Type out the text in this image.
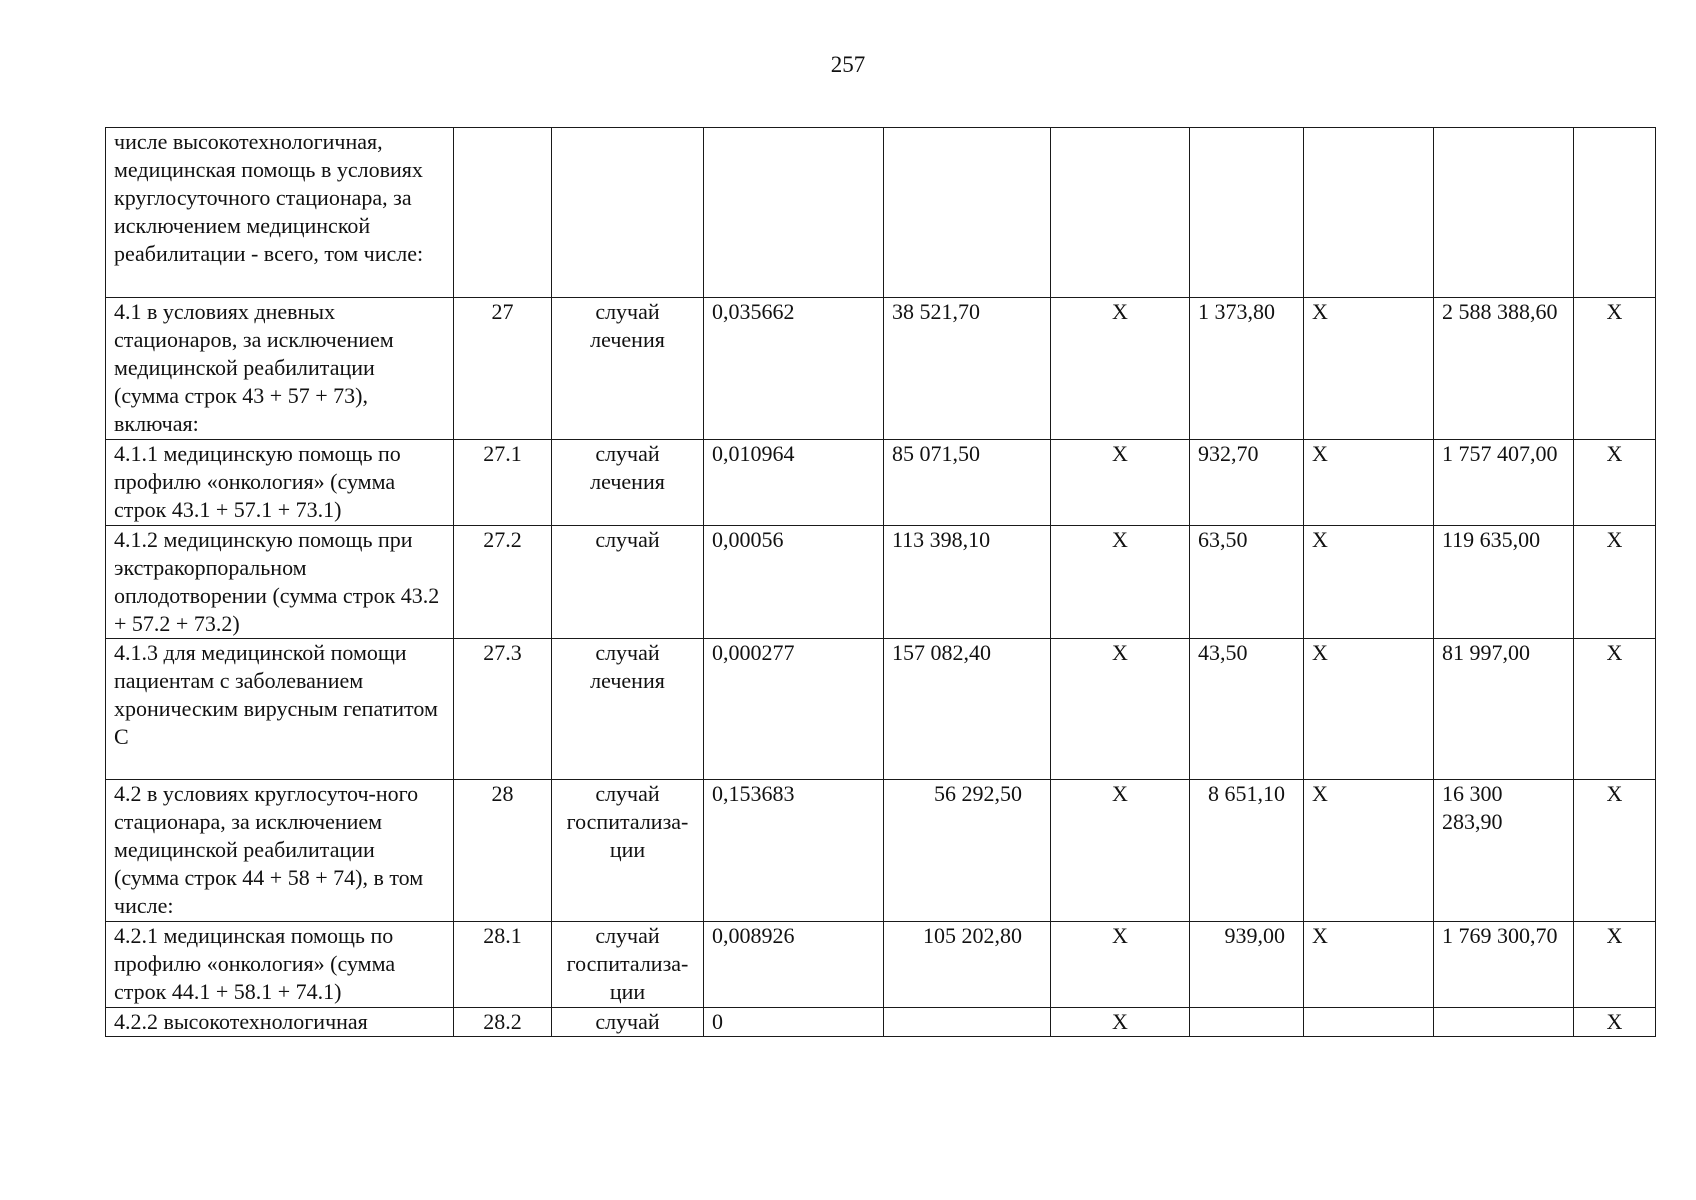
257
числе высокотехнологичная, медицинская помощь в условиях круглосуточного стационара, за исключением медицинской реабилитации - всего, том числе:									
4.1 в условиях дневных стационаров, за исключением медицинской реабилитации (сумма строк 43 + 57 + 73), включая:	27	случай лечения	0,035662	38 521,70	X	1 373,80	X	2 588 388,60	X
4.1.1 медицинскую помощь по профилю «онкология» (сумма строк 43.1 + 57.1 + 73.1)	27.1	случай лечения	0,010964	85 071,50	X	932,70	X	1 757 407,00	X
4.1.2 медицинскую помощь при экстракорпоральном оплодотворении (сумма строк 43.2 + 57.2 + 73.2)	27.2	случай	0,00056	113 398,10	X	63,50	X	119 635,00	X
4.1.3 для медицинской помощи пациентам с заболеванием хроническим вирусным гепатитом С	27.3	случай лечения	0,000277	157 082,40	X	43,50	X	81 997,00	X
4.2 в условиях круглосуточ-ного стационара, за исключением медицинской реабилитации (сумма строк 44 + 58 + 74), в том числе:	28	случай госпитализа-ции	0,153683	56 292,50	X	8 651,10	X	16 300 283,90	X
4.2.1 медицинская помощь по профилю «онкология» (сумма строк 44.1 + 58.1 + 74.1)	28.1	случай госпитализа-ции	0,008926	105 202,80	X	939,00	X	1 769 300,70	X
4.2.2 высокотехнологичная	28.2	случай	0		X				X
